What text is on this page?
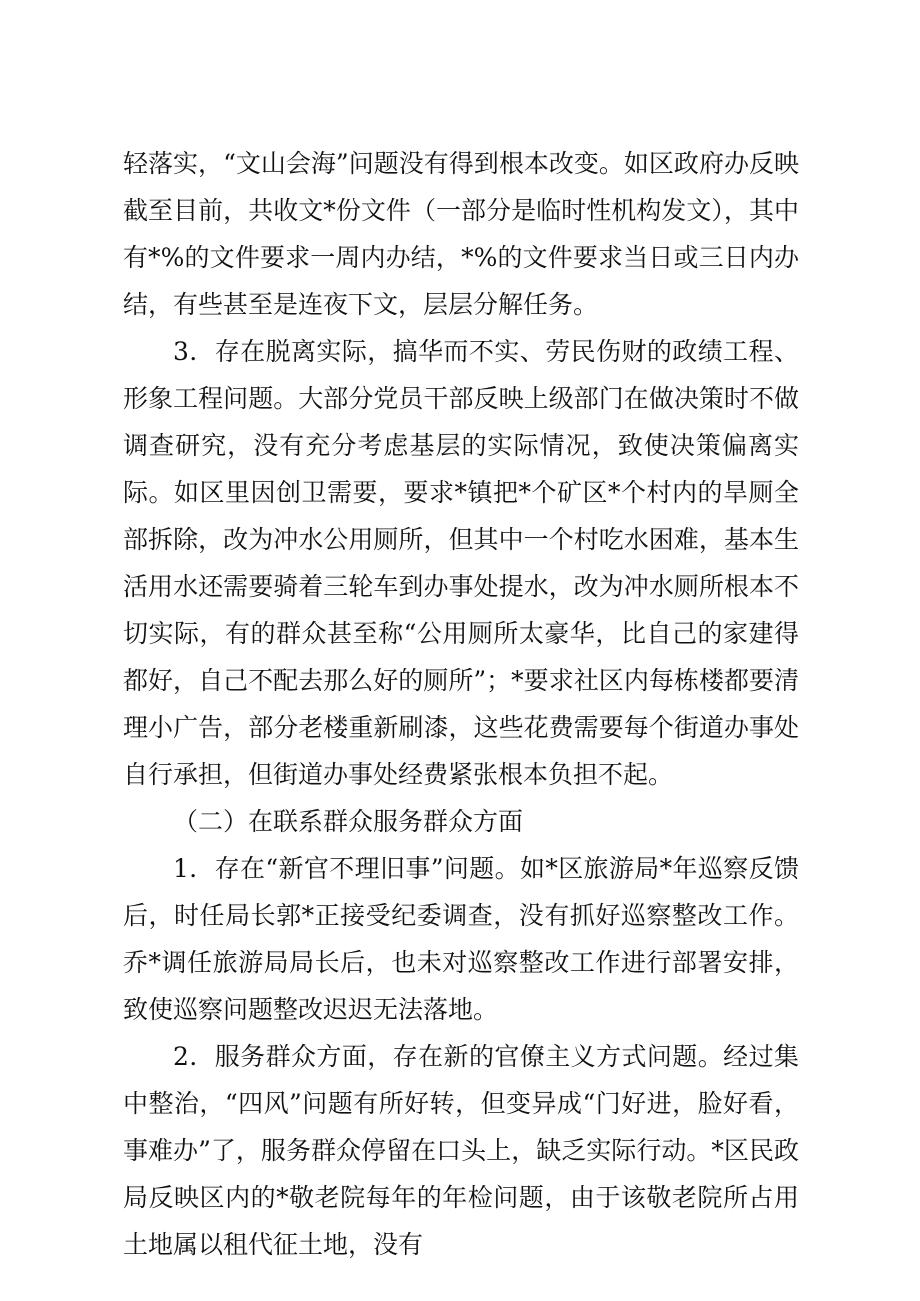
轻落实，“文山会海”问题没有得到根本改变。如区政府办反映截至目前，共收文*份文件（一部分是临时性机构发文），其中有*%的文件要求一周内办结，*%的文件要求当日或三日内办结，有些甚至是连夜下文，层层分解任务。

3．存在脱离实际，搞华而不实、劳民伤财的政绩工程、形象工程问题。大部分党员干部反映上级部门在做决策时不做调查研究，没有充分考虑基层的实际情况，致使决策偏离实际。如区里因创卫需要，要求*镇把*个矿区*个村内的旱厕全部拆除，改为冲水公用厕所，但其中一个村吃水困难，基本生活用水还需要骑着三轮车到办事处提水，改为冲水厕所根本不切实际，有的群众甚至称“公用厕所太豪华，比自己的家建得都好，自己不配去那么好的厕所”；*要求社区内每栋楼都要清理小广告，部分老楼重新刷漆，这些花费需要每个街道办事处自行承担，但街道办事处经费紧张根本负担不起。

（二）在联系群众服务群众方面

1．存在“新官不理旧事”问题。如*区旅游局*年巡察反馈后，时任局长郭*正接受纪委调查，没有抓好巡察整改工作。乔*调任旅游局局长后，也未对巡察整改工作进行部署安排，致使巡察问题整改迟迟无法落地。

2．服务群众方面，存在新的官僚主义方式问题。经过集中整治，“四风”问题有所好转，但变异成“门好进，脸好看，事难办”了，服务群众停留在口头上，缺乏实际行动。*区民政局反映区内的*敬老院每年的年检问题，由于该敬老院所占用土地属以租代征土地，没有
